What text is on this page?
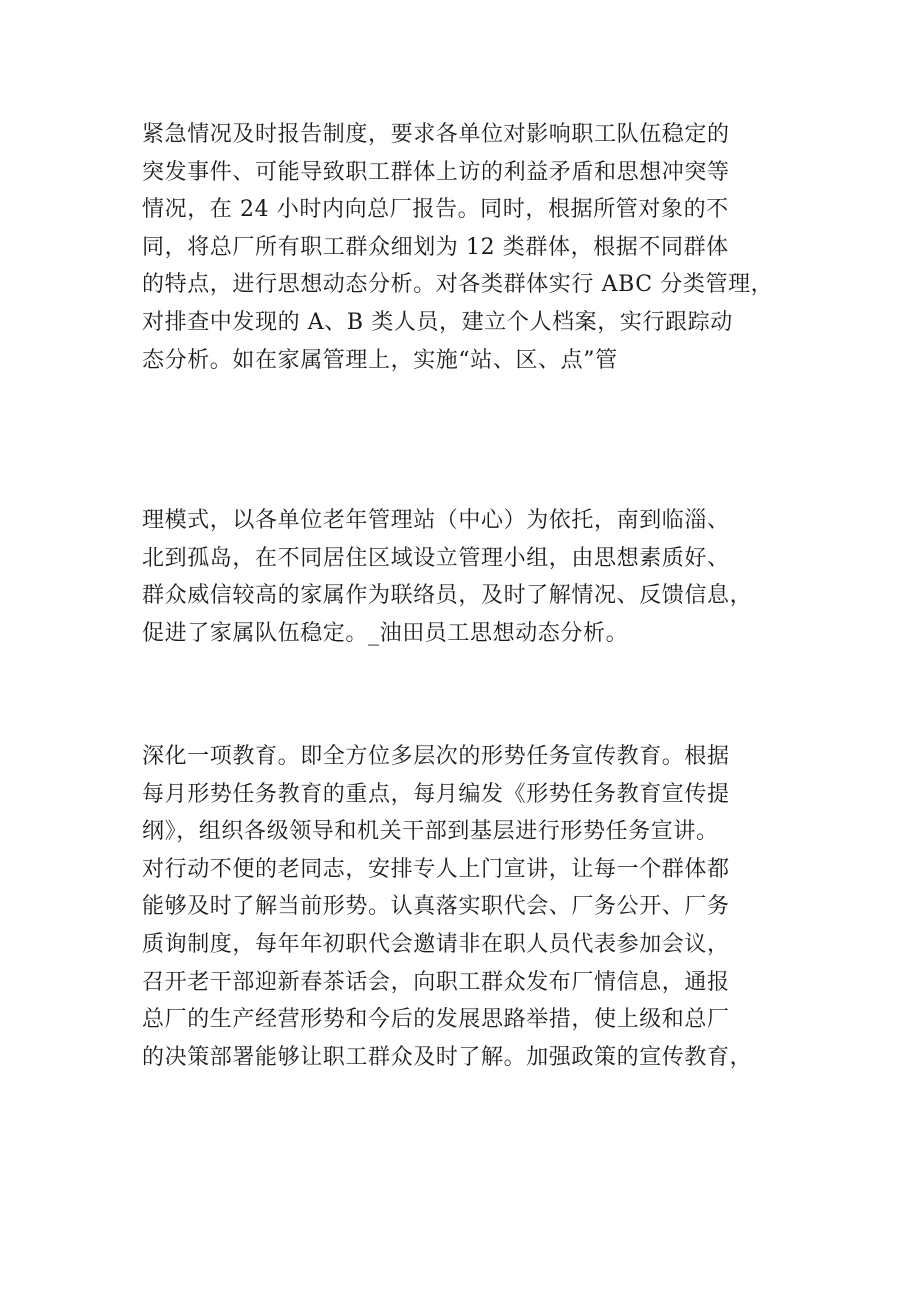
紧急情况及时报告制度，要求各单位对影响职工队伍稳定的
突发事件、可能导致职工群体上访的利益矛盾和思想冲突等
情况，在 24 小时内向总厂报告。同时，根据所管对象的不
同，将总厂所有职工群众细划为 12 类群体，根据不同群体
的特点，进行思想动态分析。对各类群体实行 ABC 分类管理，
对排查中发现的 A、B 类人员，建立个人档案，实行跟踪动
态分析。如在家属管理上，实施“站、区、点”管
理模式，以各单位老年管理站（中心）为依托，南到临淄、
北到孤岛，在不同居住区域设立管理小组，由思想素质好、
群众威信较高的家属作为联络员，及时了解情况、反馈信息，
促进了家属队伍稳定。_油田员工思想动态分析。
深化一项教育。即全方位多层次的形势任务宣传教育。根据
每月形势任务教育的重点，每月编发《形势任务教育宣传提
纲》，组织各级领导和机关干部到基层进行形势任务宣讲。
对行动不便的老同志，安排专人上门宣讲，让每一个群体都
能够及时了解当前形势。认真落实职代会、厂务公开、厂务
质询制度，每年年初职代会邀请非在职人员代表参加会议，
召开老干部迎新春茶话会，向职工群众发布厂情信息，通报
总厂的生产经营形势和今后的发展思路举措，使上级和总厂
的决策部署能够让职工群众及时了解。加强政策的宣传教育，
